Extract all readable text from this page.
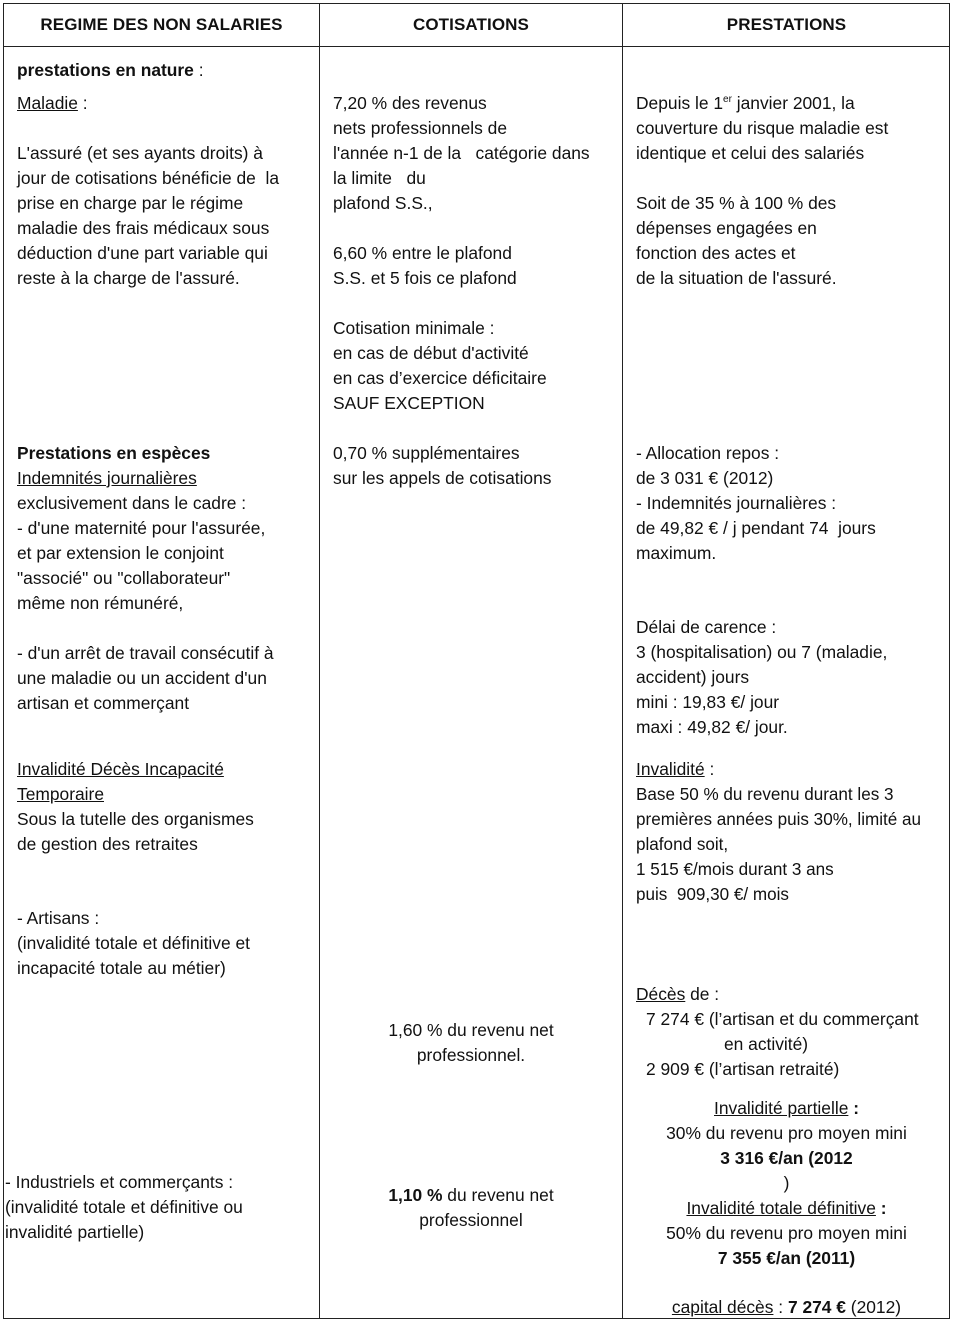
REGIME DES NON SALARIES	COTISATIONS	PRESTATIONS
prestations en nature :
Maladie :
L'assuré (et ses ayants droits) à
jour de cotisations bénéficie de  la
prise en charge par le régime
maladie des frais médicaux sous
déduction d'une part variable qui
reste à la charge de l'assuré.
Prestations en espèces
Indemnités journalières
exclusivement dans le cadre :
- d'une maternité pour l'assurée,
et par extension le conjoint
"associé" ou "collaborateur"
même non rémunéré,

- d'un arrêt de travail consécutif à
une maladie ou un accident d'un
artisan et commerçant
Invalidité Décès Incapacité
Temporaire
Sous la tutelle des organismes
de gestion des retraites
- Artisans :
(invalidité totale et définitive et
incapacité totale au métier)
- Industriels et commerçants :
(invalidité totale et définitive ou
invalidité partielle)
7,20 % des revenus
nets professionnels de
l'année n-1 de la   catégorie dans
la limite   du
plafond S.S.,
6,60 % entre le plafond
S.S. et 5 fois ce plafond
Cotisation minimale :
en cas de début d'activité
en cas d’exercice déficitaire
SAUF EXCEPTION
0,70 % supplémentaires
sur les appels de cotisations
1,60 % du revenu net
professionnel.
1,10 % du revenu net
professionnel
Depuis le 1er janvier 2001, la
couverture du risque maladie est
identique et celui des salariés
Soit de 35 % à 100 % des
dépenses engagées en
fonction des actes et
de la situation de l'assuré.
- Allocation repos :
de 3 031 € (2012)
- Indemnités journalières :
de 49,82 € / j pendant 74  jours
maximum.
Délai de carence :
3 (hospitalisation) ou 7 (maladie,
accident) jours
mini : 19,83 €/ jour
maxi : 49,82 €/ jour.
Invalidité :
Base 50 % du revenu durant les 3
premières années puis 30%, limité au
plafond soit,
1 515 €/mois durant 3 ans
puis  909,30 €/ mois
Décès de :
7 274 € (l’artisan et du commerçant
en activité)
2 909 € (l’artisan retraité)
Invalidité partielle :
30% du revenu pro moyen mini
3 316 €/an (2012
)
Invalidité totale définitive :
50% du revenu pro moyen mini
7 355 €/an (2011)
capital décès : 7 274 € (2012)
